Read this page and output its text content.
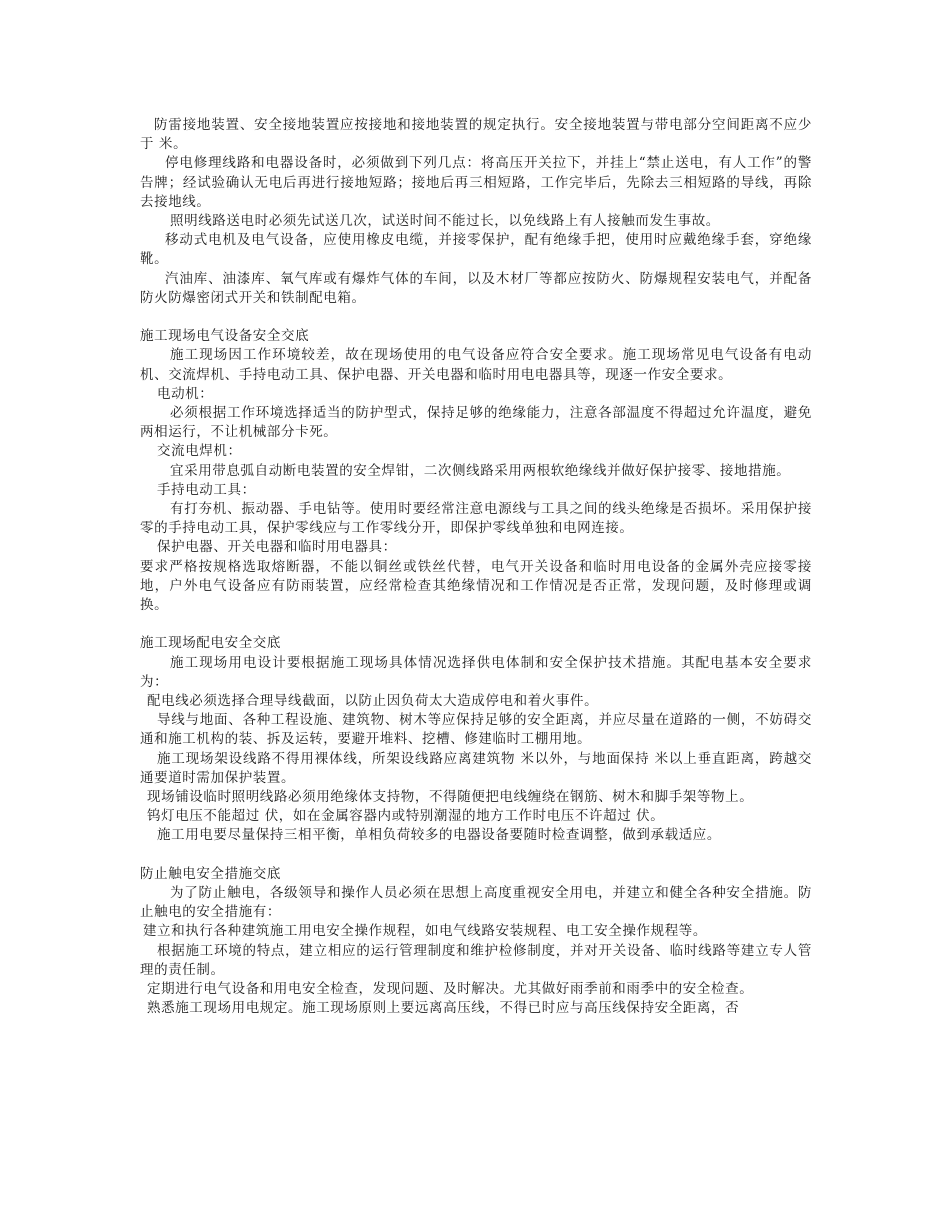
防雷接地装置、安全接地装置应按接地和接地装置的规定执行。安全接地装置与带电部分空间距离不应少于 米。

停电修理线路和电器设备时，必须做到下列几点：将高压开关拉下，并挂上“禁止送电，有人工作”的警告牌；经试验确认无电后再进行接地短路；接地后再三相短路，工作完毕后，先除去三相短路的导线，再除去接地线。

照明线路送电时必须先试送几次，试送时间不能过长，以免线路上有人接触而发生事故。

移动式电机及电气设备，应使用橡皮电缆，并接零保护，配有绝缘手把，使用时应戴绝缘手套，穿绝缘靴。

汽油库、油漆库、氧气库或有爆炸气体的车间，以及木材厂等都应按防火、防爆规程安装电气，并配备防火防爆密闭式开关和铁制配电箱。

施工现场电气设备安全交底

施工现场因工作环境较差，故在现场使用的电气设备应符合安全要求。施工现场常见电气设备有电动机、交流焊机、手持电动工具、保护电器、开关电器和临时用电电器具等，现逐一作安全要求。

电动机：

必须根据工作环境选择适当的防护型式，保持足够的绝缘能力，注意各部温度不得超过允许温度，避免两相运行，不让机械部分卡死。

交流电焊机：

宜采用带息弧自动断电装置的安全焊钳，二次侧线路采用两根软绝缘线并做好保护接零、接地措施。

手持电动工具：

有打夯机、振动器、手电钻等。使用时要经常注意电源线与工具之间的线头绝缘是否损坏。采用保护接零的手持电动工具，保护零线应与工作零线分开，即保护零线单独和电网连接。

保护电器、开关电器和临时用电器具：

要求严格按规格选取熔断器，不能以铜丝或铁丝代替，电气开关设备和临时用电设备的金属外壳应接零接地，户外电气设备应有防雨装置，应经常检查其绝缘情况和工作情况是否正常，发现问题，及时修理或调换。

施工现场配电安全交底

施工现场用电设计要根据施工现场具体情况选择供电体制和安全保护技术措施。其配电基本安全要求为：

配电线必须选择合理导线截面，以防止因负荷太大造成停电和着火事件。

导线与地面、各种工程设施、建筑物、树木等应保持足够的安全距离，并应尽量在道路的一侧，不妨碍交通和施工机构的装、拆及运转，要避开堆料、挖槽、修建临时工棚用地。

施工现场架设线路不得用裸体线，所架设线路应离建筑物 米以外，与地面保持 米以上垂直距离，跨越交通要道时需加保护装置。

现场铺设临时照明线路必须用绝缘体支持物，不得随便把电线缠绕在钢筋、树木和脚手架等物上。

钨灯电压不能超过 伏，如在金属容器内或特别潮湿的地方工作时电压不许超过 伏。

施工用电要尽量保持三相平衡，单相负荷较多的电器设备要随时检查调整，做到承载适应。

防止触电安全措施交底

为了防止触电，各级领导和操作人员必须在思想上高度重视安全用电，并建立和健全各种安全措施。防止触电的安全措施有：

建立和执行各种建筑施工用电安全操作规程，如电气线路安装规程、电工安全操作规程等。

根据施工环境的特点，建立相应的运行管理制度和维护检修制度，并对开关设备、临时线路等建立专人管理的责任制。

定期进行电气设备和用电安全检查，发现问题、及时解决。尤其做好雨季前和雨季中的安全检查。

熟悉施工现场用电规定。施工现场原则上要远离高压线，不得已时应与高压线保持安全距离，否
